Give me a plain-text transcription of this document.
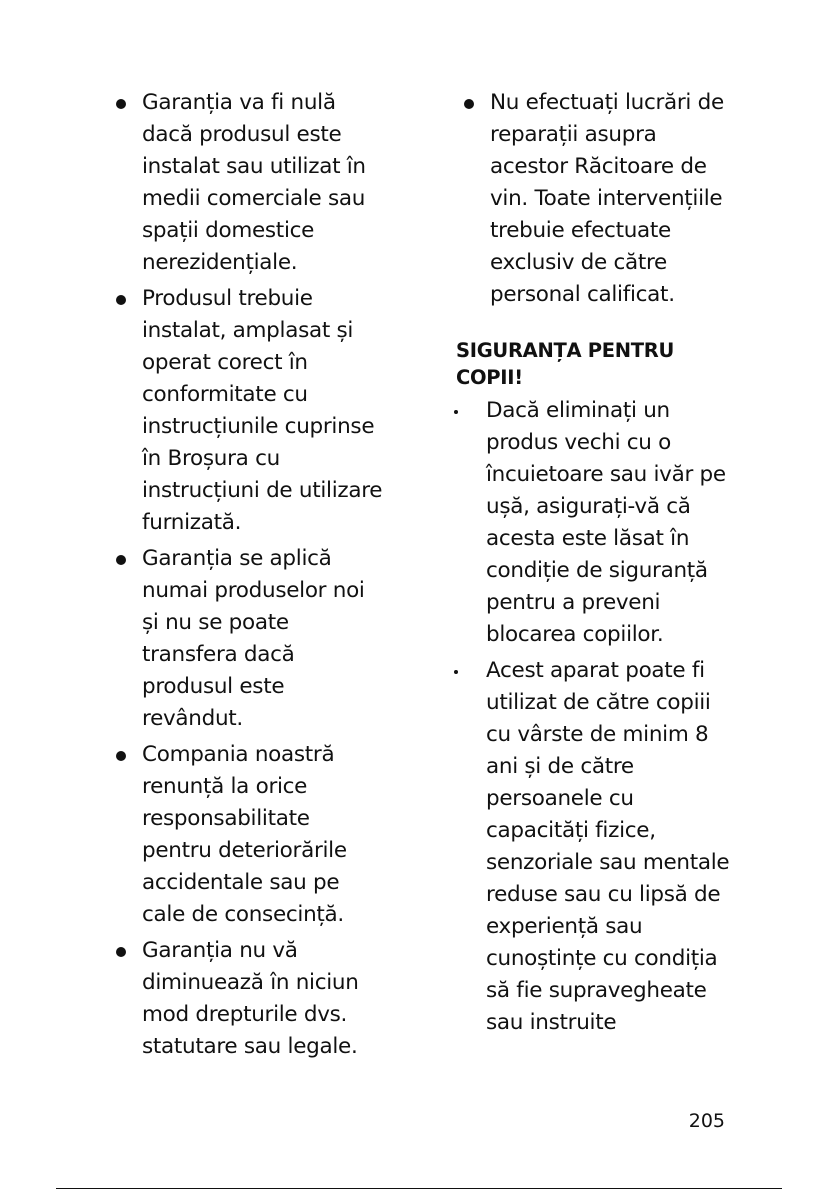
Garanția va fi nulă dacă produsul este instalat sau utilizat în medii comerciale sau spații domestice nerezidențiale.
Produsul trebuie instalat, amplasat și operat corect în conformitate cu instrucțiunile cuprinse în Broșura cu instrucțiuni de utilizare furnizată.
Garanția se aplică numai produselor noi și nu se poate transfera dacă produsul este revândut.
Compania noastră renunță la orice responsabilitate pentru deteriorările accidentale sau pe cale de consecință.
Garanția nu vă diminuează în niciun mod drepturile dvs. statutare sau legale.
Nu efectuați lucrări de reparații asupra acestor Răcitoare de vin. Toate intervențiile trebuie efectuate exclusiv de către personal calificat.
SIGURANȚA PENTRU COPII!
Dacă eliminați un produs vechi cu o încuietoare sau ivăr pe ușă, asigurați-vă că acesta este lăsat în condiție de siguranță pentru a preveni blocarea copiilor.
Acest aparat poate fi utilizat de către copiii cu vârste de minim 8 ani și de către persoanele cu capacități fizice, senzoriale sau mentale reduse sau cu lipsă de experiență sau cunoștințe cu condiția să fie supravegheate sau instruite
205
